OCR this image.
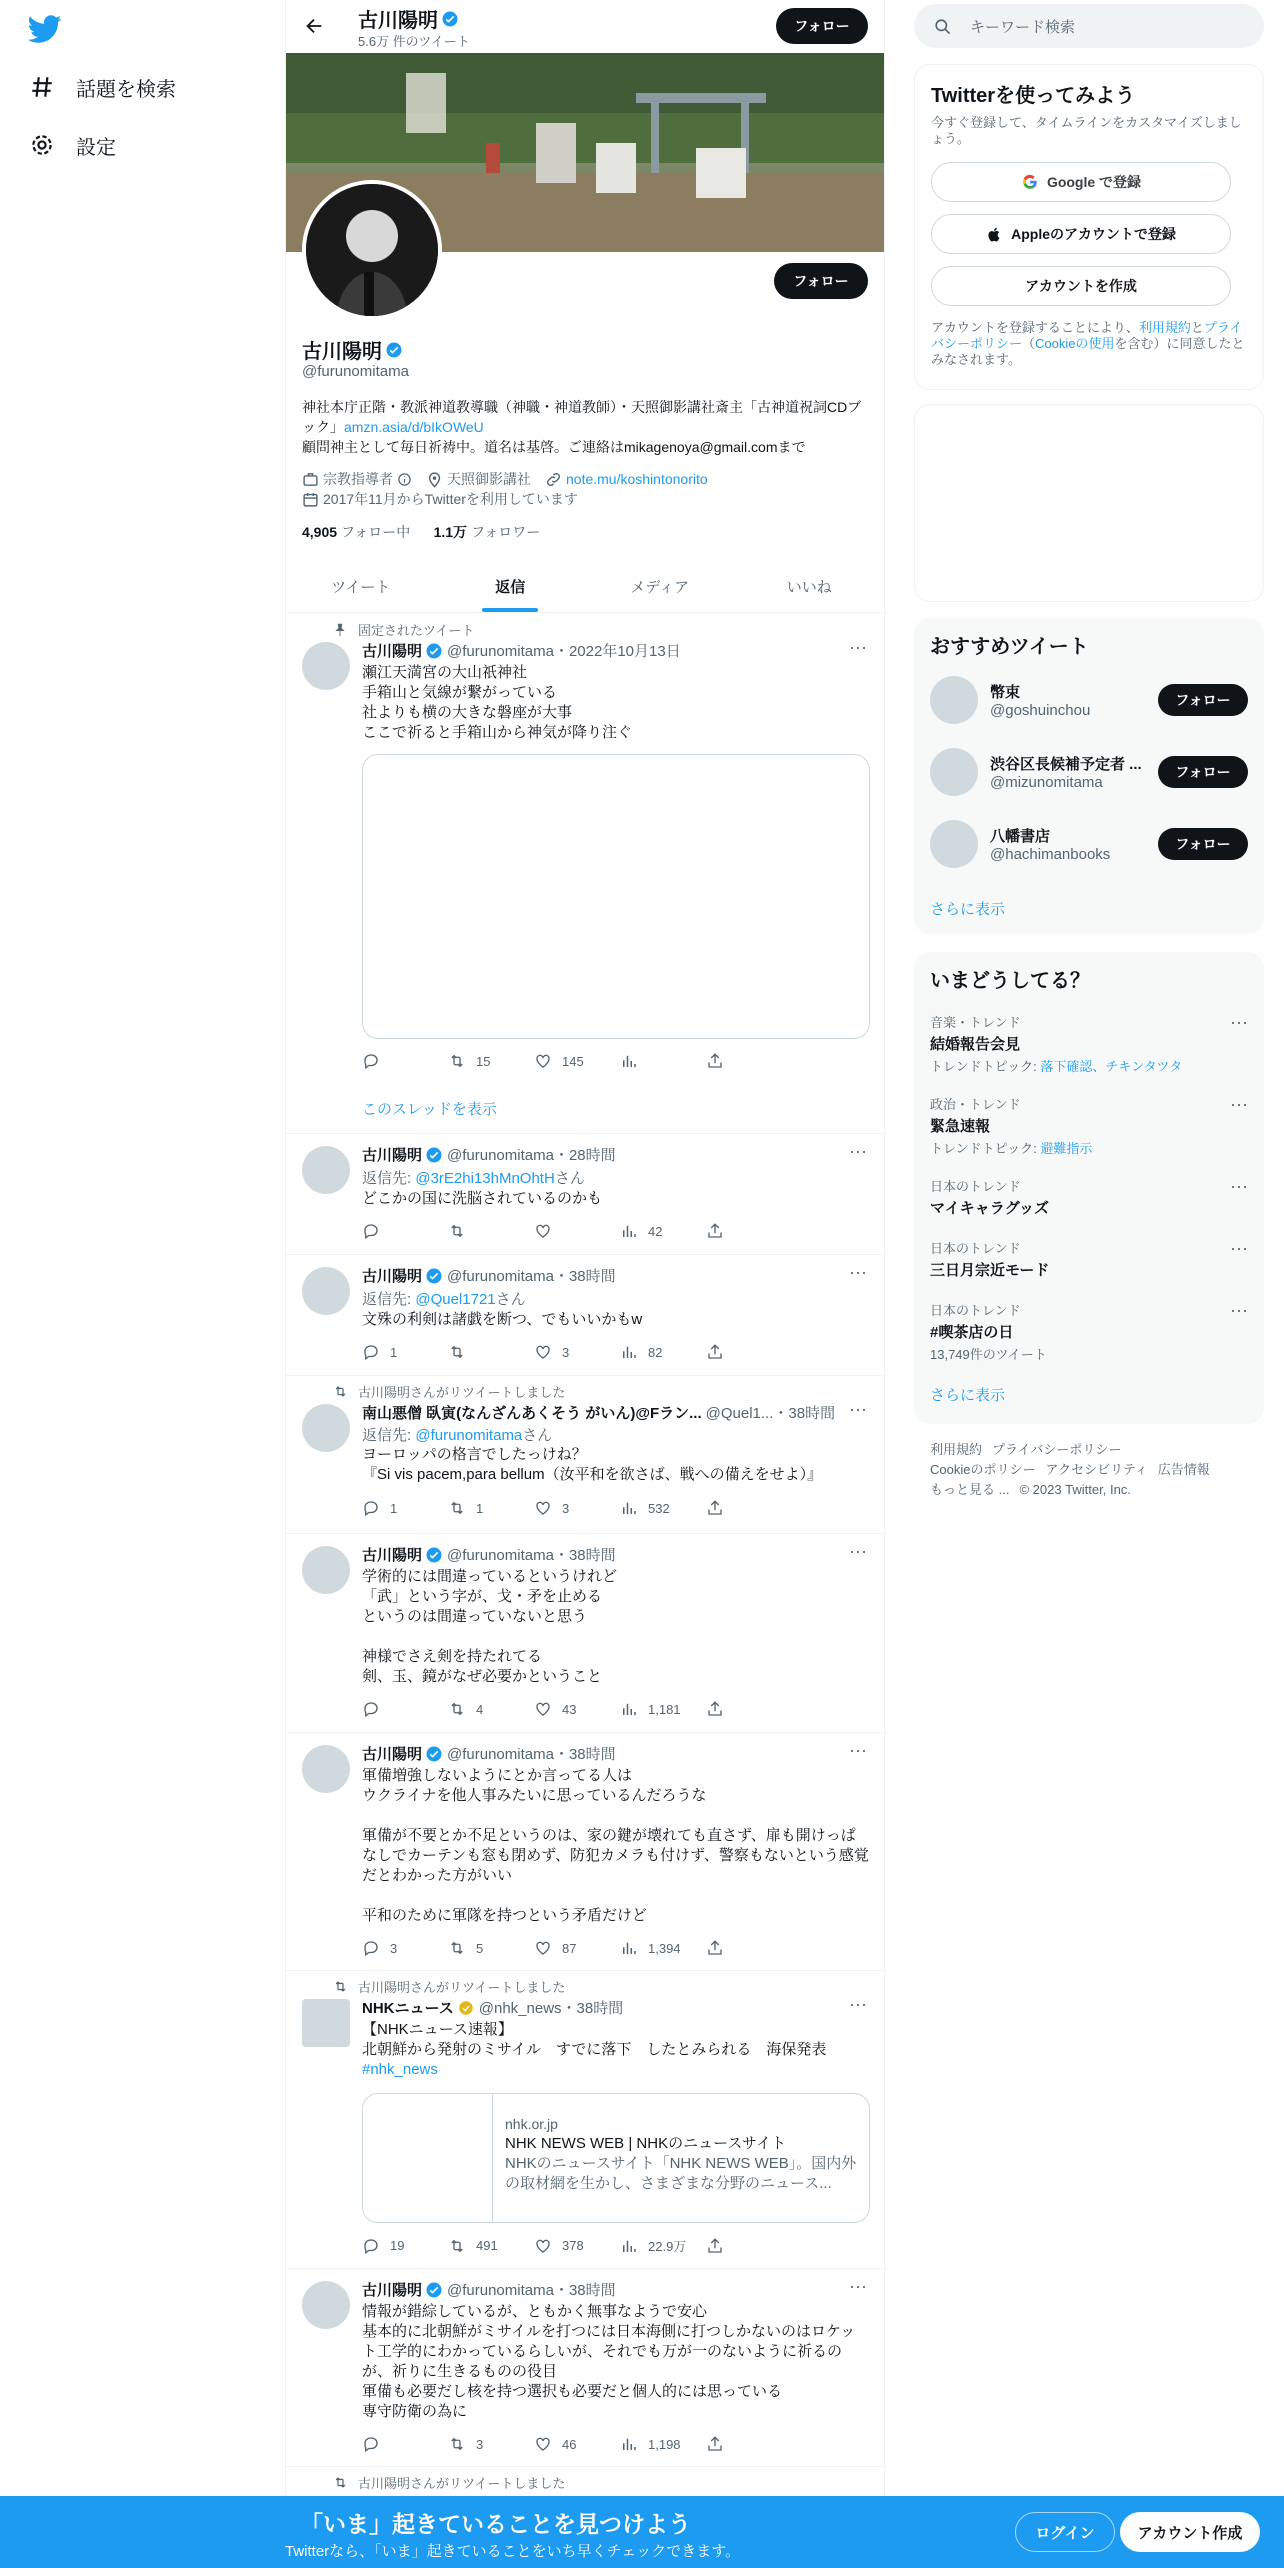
話題を検索
設定
古川陽明
5.6万 件のツイート
フォロー
フォロー
古川陽明
@furunomitama
神社本庁正階・教派神道教導職（神職・神道教師）・天照御影講社斎主「古神道祝詞CDブック」amzn.asia/d/bIkOWeU
顧問神主として毎日祈祷中。道名は基啓。ご連絡はmikagenoya@gmail.comまで
宗教指導者	天照御影講社	note.mu/koshintonorito
2017年11月からTwitterを利用しています
4,905 フォロー中 1.1万 フォロワー
ツイート	返信	メディア	いいね
固定されたツイート
古川陽明 @furunomitama・2022年10月13日	···
瀬江天満宮の大山祇神社
手箱山と気線が繋がっている
社よりも横の大きな磐座が大事
ここで祈ると手箱山から神気が降り注ぐ
15	145
このスレッドを表示
古川陽明 @furunomitama・28時間	···
返信先: @3rE2hi13hMnOhtHさん
どこかの国に洗脳されているのかも
42
古川陽明 @furunomitama・38時間	···
返信先: @Quel1721さん
文殊の利剣は諸戯を断つ、でもいいかもw
1	3	82
古川陽明さんがリツイートしました
南山悪僧 臥寅(なんざんあくそう がいん)@Fラン... @Quel1...・38時間 ···
返信先: @furunomitamaさん
ヨーロッパの格言でしたっけね？
『Si vis pacem,para bellum（汝平和を欲さば、戦への備えをせよ）』
1	1	3	532
古川陽明 @furunomitama・38時間	···
学術的には間違っているというけれど
「武」という字が、戈・矛を止める
というのは間違っていないと思う

神様でさえ剣を持たれてる
剣、玉、鏡がなぜ必要かということ
4	43	1,181
古川陽明 @furunomitama・38時間	···
軍備増強しないようにとか言ってる人は
ウクライナを他人事みたいに思っているんだろうな

軍備が不要とか不足というのは、家の鍵が壊れても直さず、扉も開けっぱなしでカーテンも窓も閉めず、防犯カメラも付けず、警察もないという感覚だとわかった方がいい

平和のために軍隊を持つという矛盾だけど
3	5	87	1,394
古川陽明さんがリツイートしました
NHKニュース @nhk_news・38時間	···
【NHKニュース速報】
北朝鮮から発射のミサイル　すでに落下　したとみられる　海保発表
#nhk_news
nhk.or.jp
NHK NEWS WEB | NHKのニュースサイト
NHKのニュースサイト「NHK NEWS WEB」。国内外の取材網を生かし、さまざまな分野のニュース...
19	491	378	22.9万
古川陽明 @furunomitama・38時間	···
情報が錯綜しているが、ともかく無事なようで安心
基本的に北朝鮮がミサイルを打つには日本海側に打つしかないのはロケット工学的にわかっているらしいが、それでも万が一のないように祈るのが、祈りに生きるものの役目
軍備も必要だし核を持つ選択も必要だと個人的には思っている
専守防衛の為に
3	46	1,198
古川陽明さんがリツイートしました
キーワード検索
Twitterを使ってみよう
今すぐ登録して、タイムラインをカスタマイズしましょう。
Google で登録
Appleのアカウントで登録
アカウントを作成
アカウントを登録することにより、利用規約とプライバシーポリシー（Cookieの使用を含む）に同意したとみなされます。
おすすめツイート
幣束
@goshuinchou
フォロー
渋谷区長候補予定者 ...
@mizunomitama
フォロー
八幡書店
@hachimanbooks
フォロー
さらに表示
いまどうしてる？
音楽・トレンド
結婚報告会見
トレンドトピック: 落下確認、チキンタツタ
···
政治・トレンド
緊急速報
トレンドトピック: 避難指示
···
日本のトレンド
マイキャラグッズ
···
日本のトレンド
三日月宗近モード
···
日本のトレンド
#喫茶店の日
13,749件のツイート
···
さらに表示
利用規約 プライバシーポリシー
Cookieのポリシー アクセシビリティ 広告情報
もっと見る ... © 2023 Twitter, Inc.
「いま」起きていることを見つけよう
Twitterなら、「いま」起きていることをいち早くチェックできます。
ログイン	アカウント作成
